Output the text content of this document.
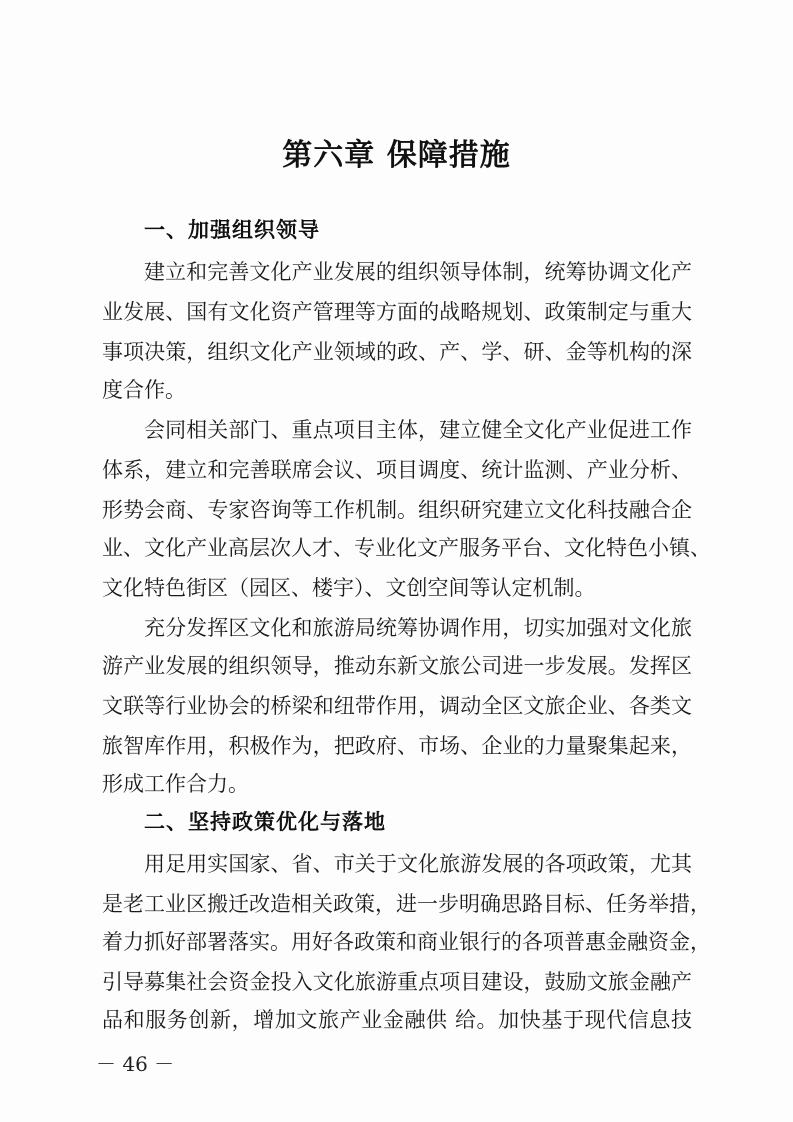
第六章 保障措施
一、加强组织领导
建立和完善文化产业发展的组织领导体制，统筹协调文化产
业发展、国有文化资产管理等方面的战略规划、政策制定与重大
事项决策，组织文化产业领域的政、产、学、研、金等机构的深
度合作。
会同相关部门、重点项目主体，建立健全文化产业促进工作
体系，建立和完善联席会议、项目调度、统计监测、产业分析、
形势会商、专家咨询等工作机制。组织研究建立文化科技融合企
业、文化产业高层次人才、专业化文产服务平台、文化特色小镇、
文化特色街区（园区、楼宇）、文创空间等认定机制。
充分发挥区文化和旅游局统筹协调作用，切实加强对文化旅
游产业发展的组织领导，推动东新文旅公司进一步发展。发挥区
文联等行业协会的桥梁和纽带作用，调动全区文旅企业、各类文
旅智库作用，积极作为，把政府、市场、企业的力量聚集起来，
形成工作合力。
二、坚持政策优化与落地
用足用实国家、省、市关于文化旅游发展的各项政策，尤其
是老工业区搬迁改造相关政策，进一步明确思路目标、任务举措，
着力抓好部署落实。用好各政策和商业银行的各项普惠金融资金，
引导募集社会资金投入文化旅游重点项目建设，鼓励文旅金融产
－ 46 －
品和服务创新，增加文旅产业金融供 给。加快基于现代信息技
